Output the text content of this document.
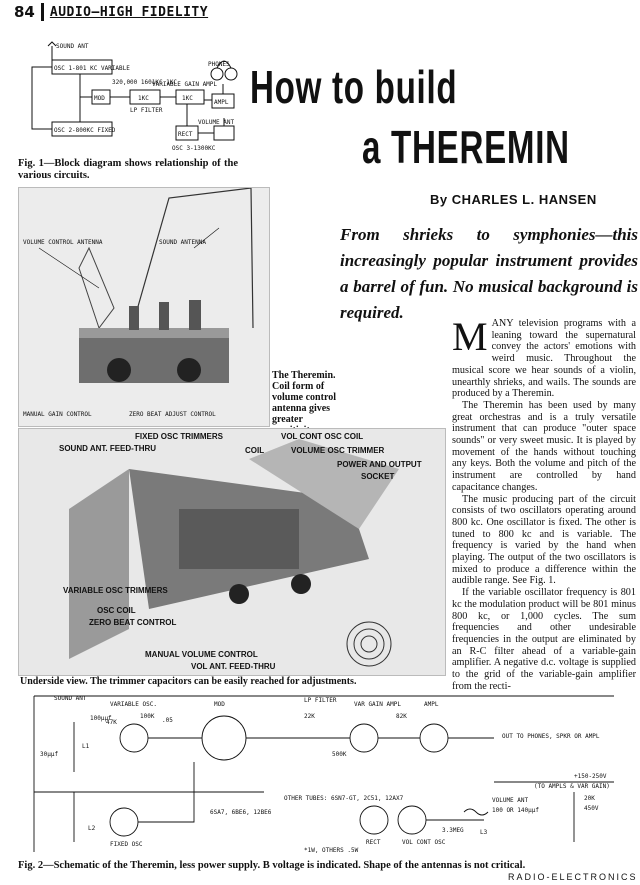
84 AUDIO—HIGH FIDELITY
SOUND ANT
OSC 1-801 KC VARIABLE
OSC 2-800KC FIXED
MOD
320,000 1601KC 1KC
LP FILTER
1KC
VARIABLE GAIN AMPL
1KC
PHONES
AMPL
RECT
VOLUME ANT
OSC 3-1300KC
Fig. 1—Block diagram shows relationship of the various circuits.
How to build
a THEREMIN
By CHARLES L. HANSEN
From shrieks to symphonies—this increasingly popular instrument provides a barrel of fun. No musical background is required.
VOLUME CONTROL ANTENNA	SOUND ANTENNA
MANUAL GAIN CONTROL	ZERO BEAT ADJUST CONTROL
The Theremin. Coil form of volume control antenna gives greater
FIXED OSC TRIMMERS	VOL CONT OSC COIL
SOUND ANT. FEED-THRU	COIL	VOLUME OSC TRIMMER
POWER AND OUTPUT
SOCKET
VARIABLE OSC TRIMMERS
OSC COIL
ZERO BEAT CONTROL
MANUAL VOLUME CONTROL
VOL ANT. FEED-THRU
Underside view. The trimmer capacitors can be easily reached for adjustments.

MANY television programs with a leaning toward the supernatural convey the actors' emotions with weird music. Throughout the musical score we hear sounds of a violin, unearthly shrieks, and wails. The sounds are produced by a Theremin.

The Theremin has been used by many great orchestras and is a truly versatile instrument that can produce "outer space sounds" or very sweet music. It is played by movement of the hands without touching any keys. Both the volume and pitch of the instrument are controlled by hand capacitance changes.

The music producing part of the circuit consists of two oscillators operating around 800 kc. One oscillator is fixed. The other is tuned to 800 kc and is variable. The frequency is varied by the hand when playing. The output of the two oscillators is mixed to produce a difference within the audible range. See Fig. 1.

If the variable oscillator frequency is 801 kc the modulation product will be 801 minus 800 kc, or 1,000 cycles. The sum frequencies and other undesirable frequencies in the output are eliminated by an R-C filter ahead of a variable-gain amplifier. A negative d.c. voltage is supplied to the grid of the variable-gain amplifier from the recti-

SOUND ANT
VARIABLE OSC.	MOD
LP FILTER
VAR GAIN AMPL	AMPL
OUT TO PHONES, SPKR OR AMPL
+150-250V
(TO AMPLS & VAR GAIN)
6SA7, 6BE6, 12BE6
OTHER TUBES: 6SN7-GT, 2C51, 12AX7
RECT	VOL CONT OSC
VOLUME ANT
FIXED OSC
*1W, OTHERS .5W
100K
47K
22K
500K
82K
20K
.05
100μμf
30μμf
L1
L2
L3
450V
100 OR 140μμf
3.3MEG
Fig. 2—Schematic of the Theremin, less power supply. B voltage is indicated. Shape of the antennas is not critical.
RADIO-ELECTRONICS
